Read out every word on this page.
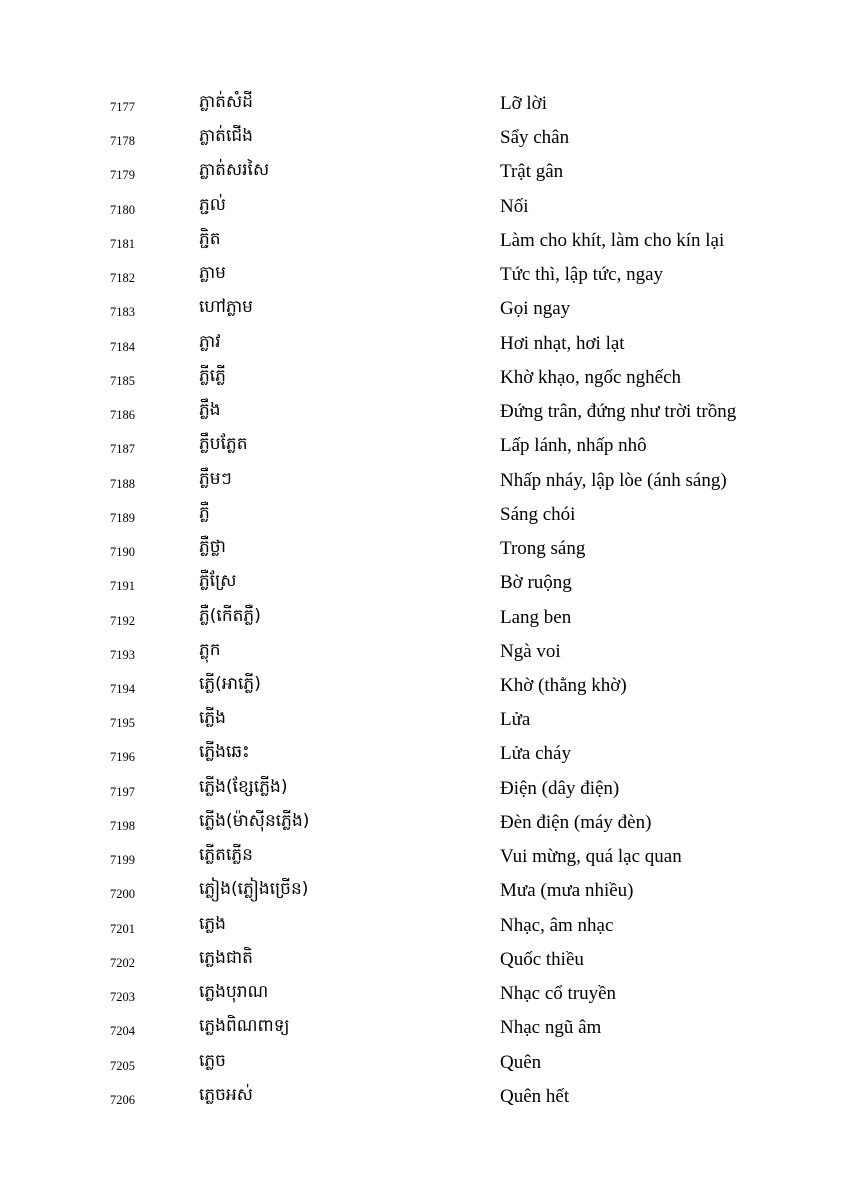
7177	ភ្លាត់សំដី	Lỡ lời
7178	ភ្លាត់ជើង	Sẩy chân
7179	ភ្លាត់សរសៃ	Trật gân
7180	ភ្ជល់	Nối
7181	ភ្ជិត	Làm cho khít, làm cho kín lại
7182	ភ្លាម	Tức thì, lập tức, ngay
7183	ហៅភ្លាម	Gọi ngay
7184	ភ្លាវ	Hơi nhạt, hơi lạt
7185	ភ្លីភ្លើ	Khờ khạo, ngốc nghếch
7186	ភ្លឹង	Đứng trân, đứng như trời trồng
7187	ភ្លឹបភ្លែត	Lấp lánh, nhấp nhô
7188	ភ្លឹមៗ	Nhấp nháy, lập lòe (ánh sáng)
7189	ភ្លឺ	Sáng chói
7190	ភ្លឺថ្លា	Trong sáng
7191	ភ្លឺស្រែ	Bờ ruộng
7192	ភ្លឺ(កើតភ្លឺ)	Lang ben
7193	ភ្លុក	Ngà voi
7194	ភ្លើ(អាភ្លើ)	Khờ (thằng khờ)
7195	ភ្លើង	Lửa
7196	ភ្លើងឆេះ	Lửa cháy
7197	ភ្លើង(ខ្សែភ្លើង)	Điện (dây điện)
7198	ភ្លើង(ម៉ាស៊ីនភ្លើង)	Đèn điện (máy đèn)
7199	ភ្លើតភ្លើន	Vui mừng, quá lạc quan
7200	ភ្លៀង(ភ្លៀងច្រើន)	Mưa (mưa nhiều)
7201	ភ្លេង	Nhạc, âm nhạc
7202	ភ្លេងជាតិ	Quốc thiều
7203	ភ្លេងបុរាណ	Nhạc cổ truyền
7204	ភ្លេងពិណពាទ្យ	Nhạc ngũ âm
7205	ភ្លេច	Quên
7206	ភ្លេចអស់	Quên hết
